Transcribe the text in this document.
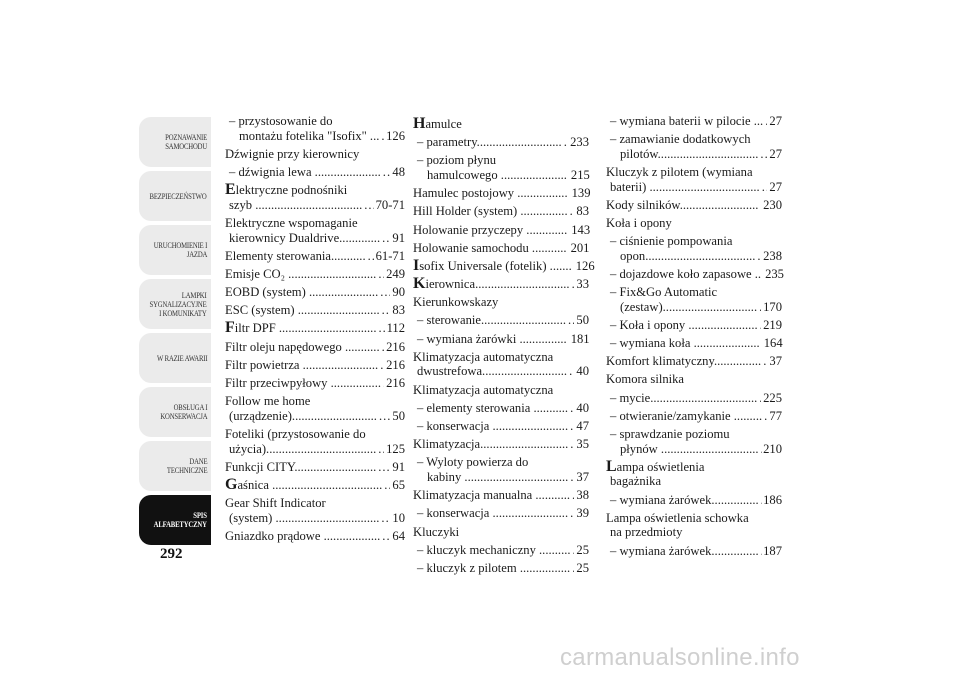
POZNAWANIE
SAMOCHODU
BEZPIECZEŃSTWO
URUCHOMIENIE I
JAZDA
LAMPKI
SYGNALIZACYJNE
I KOMUNIKATY
W RAZIE AWARII
OBSŁUGA I
KONSERWACJA
DANE
TECHNICZNE
SPIS
ALFABETYCZNY
292
– przystosowanie do
montażu fotelika "Isofix" ... ..... 126
Dźwignie przy kierownicy
– dźwignia lewa ..................... ..... 48
Elektryczne podnośniki
szyb .................................. ..... 70-71
Elektryczne wspomaganie
kierownicy Dualdrive............. ..... 91
Elementy sterowania........... ..... 61-71
Emisje CO₂ ............................ ..... 249
EOBD (system) ...................... ..... 90
ESC (system) .......................... ..... 83
Filtr DPF ............................... ..... 112
Filtr oleju napędowego ........... ..... 216
Filtr powietrza ........................ ..... 216
Filtr przeciwpyłowy ................ ..... 216
Follow me home
(urządzenie)........................... ..... 50
Foteliki (przystosowanie do
użycia)................................... ..... 125
Funkcji CITY.......................... ..... 91
Gaśnica ................................... ..... 65
Gear Shift Indicator
(system) ................................. ..... 10
Gniazdko prądowe .................. ..... 64
Hamulce
– parametry........................... ..... 233
– poziom płynu
hamulcowego ..................... 215
Hamulec postojowy ................ 139
Hill Holder (system) ............... ..... 83
Holowanie przyczepy ............. 143
Holowanie samochodu ........... 201
Isofix Universale (fotelik) ....... 126
Kierownica.............................. ..... 33
Kierunkowskazy
– sterowanie........................... ..... 50
– wymiana żarówki ............... 181
Klimatyzacja automatyczna
dwustrefowa........................... ..... 40
Klimatyzacja automatyczna
– elementy sterowania ........... ..... 40
– konserwacja ........................ ..... 47
Klimatyzacja............................ ..... 35
– Wyloty powierza do
kabiny ................................. ..... 37
Klimatyzacja manualna ........... ..... 38
– konserwacja ........................ ..... 39
Kluczyki
– kluczyk mechaniczny .......... ..... 25
– kluczyk z pilotem ................ ..... 25
– wymiana baterii w pilocie ... ..... 27
– zamawianie dodatkowych
pilotów................................ ..... 27
Kluczyk z pilotem (wymiana
baterii) ................................... ..... 27
Kody silników......................... ..... 230
Koła i opony
– ciśnienie pompowania
opon................................... ..... 238
– dojazdowe koło zapasowe .. 235
– Fix&Go Automatic
(zestaw).............................. ..... 170
– Koła i opony ...................... ..... 219
– wymiana koła ..................... 164
Komfort klimatyczny............... ..... 37
Komora silnika
– mycie.................................. ..... 225
– otwieranie/zamykanie ......... ..... 77
– sprawdzanie poziomu
płynów ............................... ..... 210
Lampa oświetlenia
bagażnika
– wymiana żarówek............... ..... 186
Lampa oświetlenia schowka
na przedmioty
– wymiana żarówek............... ..... 187
carmanualsonline.info
